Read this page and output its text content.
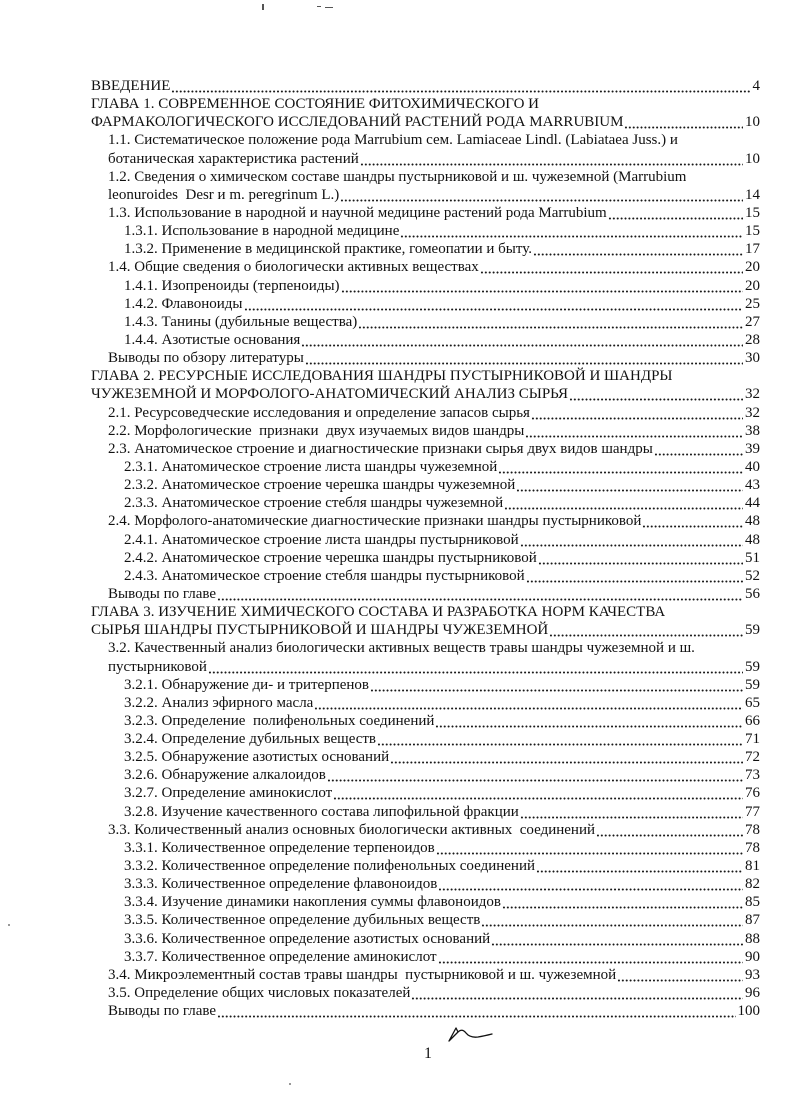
ВВЕДЕНИЕ	4
ГЛАВА 1. СОВРЕМЕННОЕ СОСТОЯНИЕ ФИТОХИМИЧЕСКОГО И
ФАРМАКОЛОГИЧЕСКОГО ИССЛЕДОВАНИЙ РАСТЕНИЙ РОДА MARRUBIUM	10
1.1. Систематическое положение рода Marrubium сем. Lamiaceae Lindl. (Labiataea Juss.) и
ботаническая характеристика растений	10
1.2. Сведения о химическом составе шандры пустырниковой и ш. чужеземной (Marrubium
leonuroides  Desr и m. peregrinum L.)	14
1.3. Использование в народной и научной медицине растений рода Marrubium	15
1.3.1. Использование в народной медицине	15
1.3.2. Применение в медицинской практике, гомеопатии и быту.	17
1.4. Общие сведения о биологически активных веществах	20
1.4.1. Изопреноиды (терпеноиды)	20
1.4.2. Флавоноиды	25
1.4.3. Танины (дубильные вещества)	27
1.4.4. Азотистые основания	28
Выводы по обзору литературы	30
ГЛАВА 2. РЕСУРСНЫЕ ИССЛЕДОВАНИЯ ШАНДРЫ ПУСТЫРНИКОВОЙ И ШАНДРЫ
ЧУЖЕЗЕМНОЙ И МОРФОЛОГО-АНАТОМИЧЕСКИЙ АНАЛИЗ СЫРЬЯ	32
2.1. Ресурсоведческие исследования и определение запасов сырья	32
2.2. Морфологические  признаки  двух изучаемых видов шандры	38
2.3. Анатомическое строение и диагностические признаки сырья двух видов шандры	39
2.3.1. Анатомическое строение листа шандры чужеземной	40
2.3.2. Анатомическое строение черешка шандры чужеземной	43
2.3.3. Анатомическое строение стебля шандры чужеземной	44
2.4. Морфолого-анатомические диагностические признаки шандры пустырниковой	48
2.4.1. Анатомическое строение листа шандры пустырниковой	48
2.4.2. Анатомическое строение черешка шандры пустырниковой	51
2.4.3. Анатомическое строение стебля шандры пустырниковой	52
Выводы по главе	56
ГЛАВА 3. ИЗУЧЕНИЕ ХИМИЧЕСКОГО СОСТАВА И РАЗРАБОТКА НОРМ КАЧЕСТВА
СЫРЬЯ ШАНДРЫ ПУСТЫРНИКОВОЙ И ШАНДРЫ ЧУЖЕЗЕМНОЙ	59
3.2. Качественный анализ биологически активных веществ травы шандры чужеземной и ш.
пустырниковой	59
3.2.1. Обнаружение ди- и тритерпенов	59
3.2.2. Анализ эфирного масла	65
3.2.3. Определение  полифенольных соединений	66
3.2.4. Определение дубильных веществ	71
3.2.5. Обнаружение азотистых оснований	72
3.2.6. Обнаружение алкалоидов	73
3.2.7. Определение аминокислот	76
3.2.8. Изучение качественного состава липофильной фракции	77
3.3. Количественный анализ основных биологически активных  соединений	78
3.3.1. Количественное определение терпеноидов	78
3.3.2. Количественное определение полифенольных соединений	81
3.3.3. Количественное определение флавоноидов	82
3.3.4. Изучение динамики накопления суммы флавоноидов	85
3.3.5. Количественное определение дубильных веществ	87
3.3.6. Количественное определение азотистых оснований	88
3.3.7. Количественное определение аминокислот	90
3.4. Микроэлементный состав травы шандры  пустырниковой и ш. чужеземной	93
3.5. Определение общих числовых показателей	96
Выводы по главе	100
1
